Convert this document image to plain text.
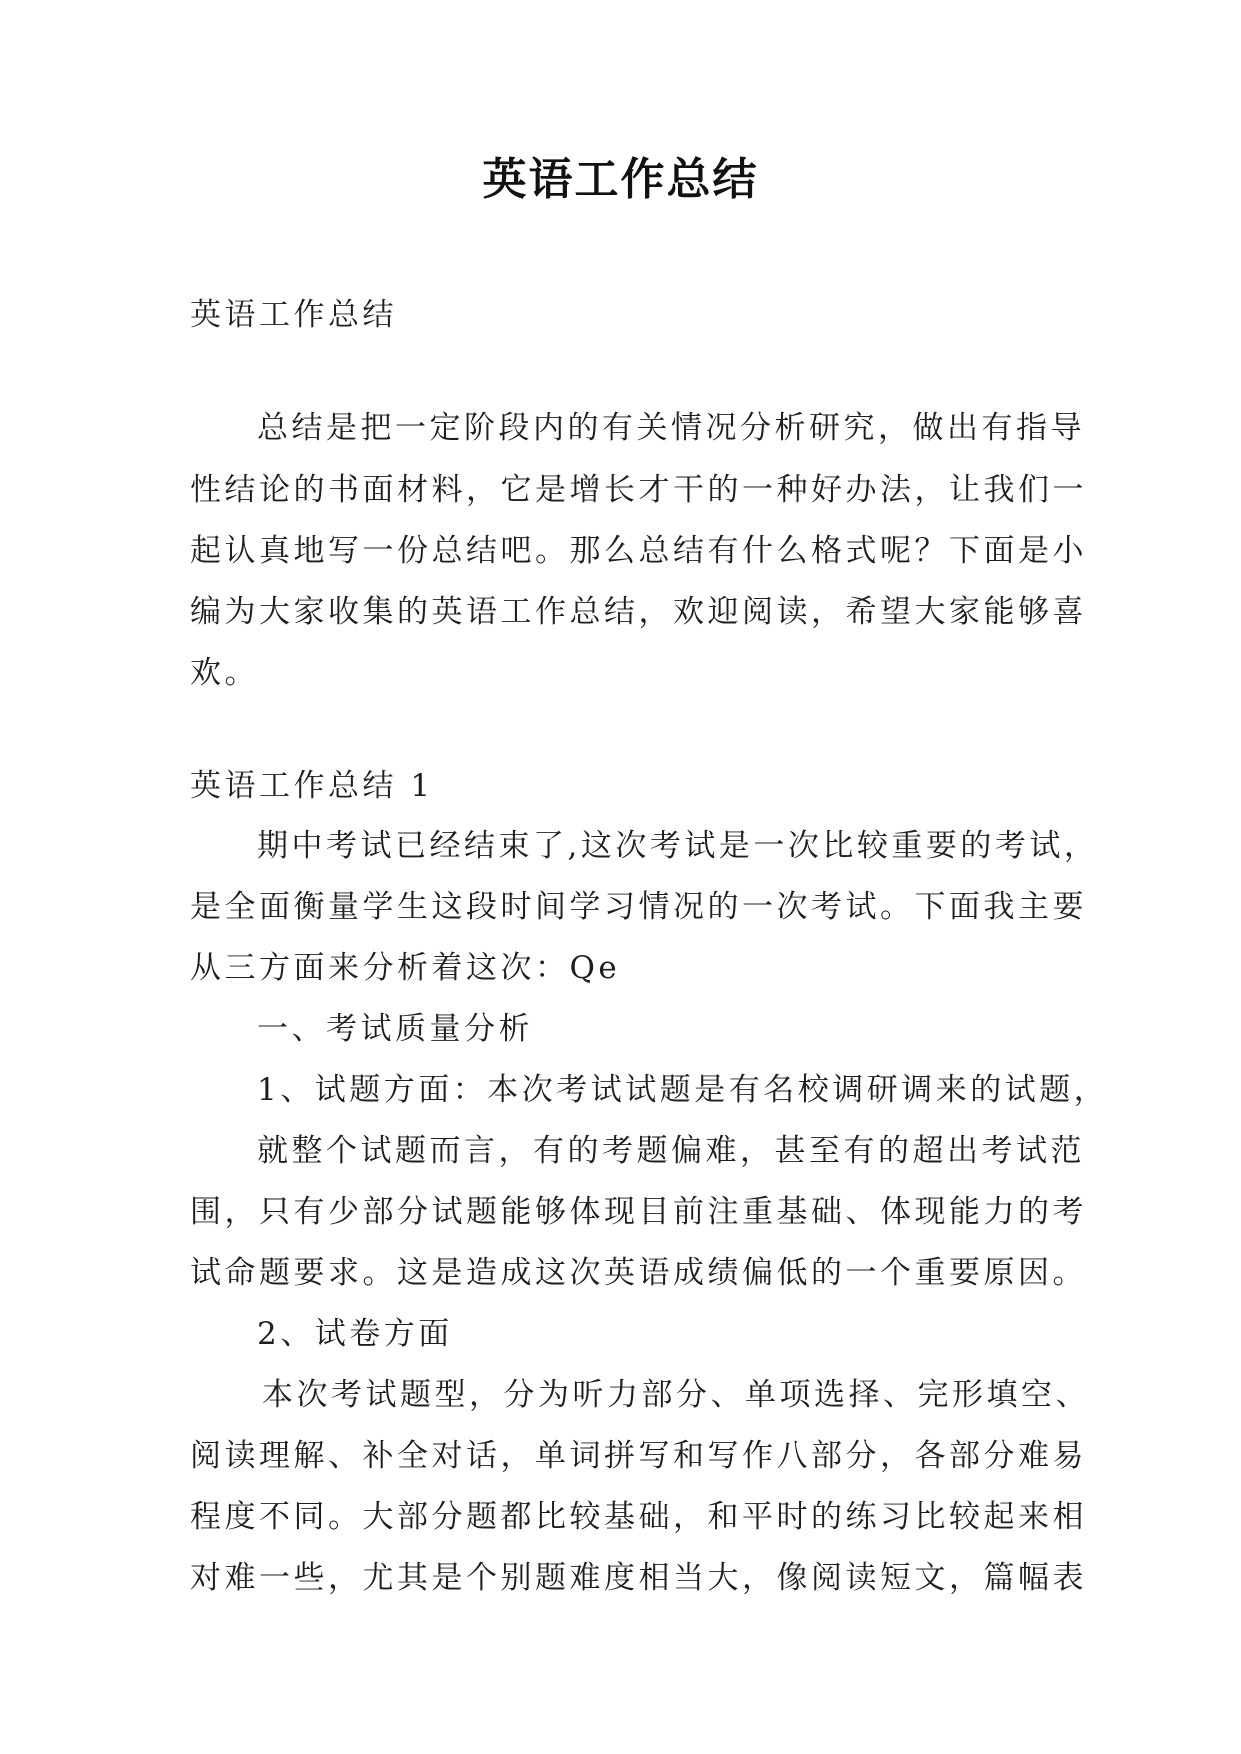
英语工作总结
英语工作总结
总结是把一定阶段内的有关情况分析研究，做出有指导
性结论的书面材料，它是增长才干的一种好办法，让我们一
起认真地写一份总结吧。那么总结有什么格式呢？下面是小
编为大家收集的英语工作总结，欢迎阅读，希望大家能够喜
欢。
英语工作总结 1
期中考试已经结束了,这次考试是一次比较重要的考试，
是全面衡量学生这段时间学习情况的一次考试。下面我主要
从三方面来分析着这次：Qe
一、考试质量分析
1、试题方面：本次考试试题是有名校调研调来的试题，
就整个试题而言，有的考题偏难，甚至有的超出考试范
围，只有少部分试题能够体现目前注重基础、体现能力的考
试命题要求。这是造成这次英语成绩偏低的一个重要原因。
2、试卷方面
本次考试题型，分为听力部分、单项选择、完形填空、
阅读理解、补全对话，单词拼写和写作八部分，各部分难易
程度不同。大部分题都比较基础，和平时的练习比较起来相
对难一些，尤其是个别题难度相当大，像阅读短文，篇幅表
